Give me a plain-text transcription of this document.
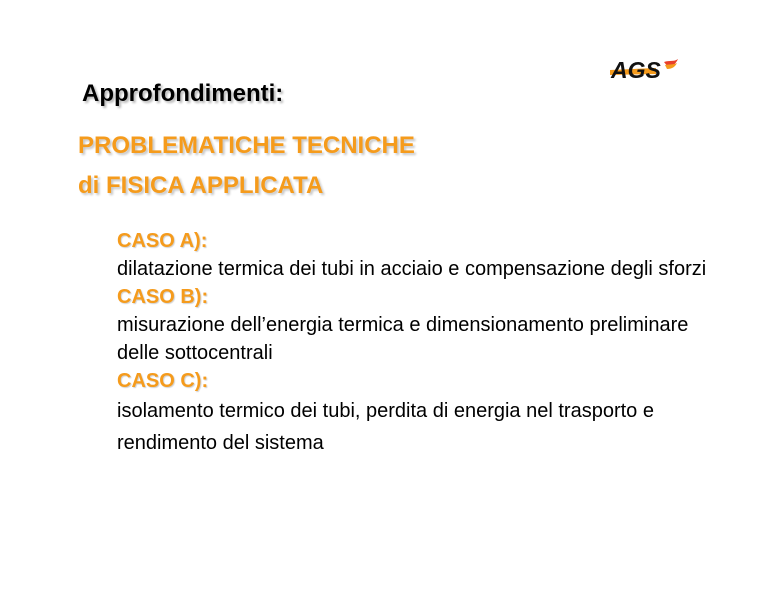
AGS
Approfondimenti:
PROBLEMATICHE TECNICHE
di FISICA APPLICATA
CASO A):
dilatazione termica dei tubi in acciaio e compensazione degli sforzi
CASO B):
misurazione dell’energia termica e dimensionamento preliminare delle sottocentrali
CASO C):
isolamento termico dei tubi, perdita di energia nel trasporto e rendimento del sistema
